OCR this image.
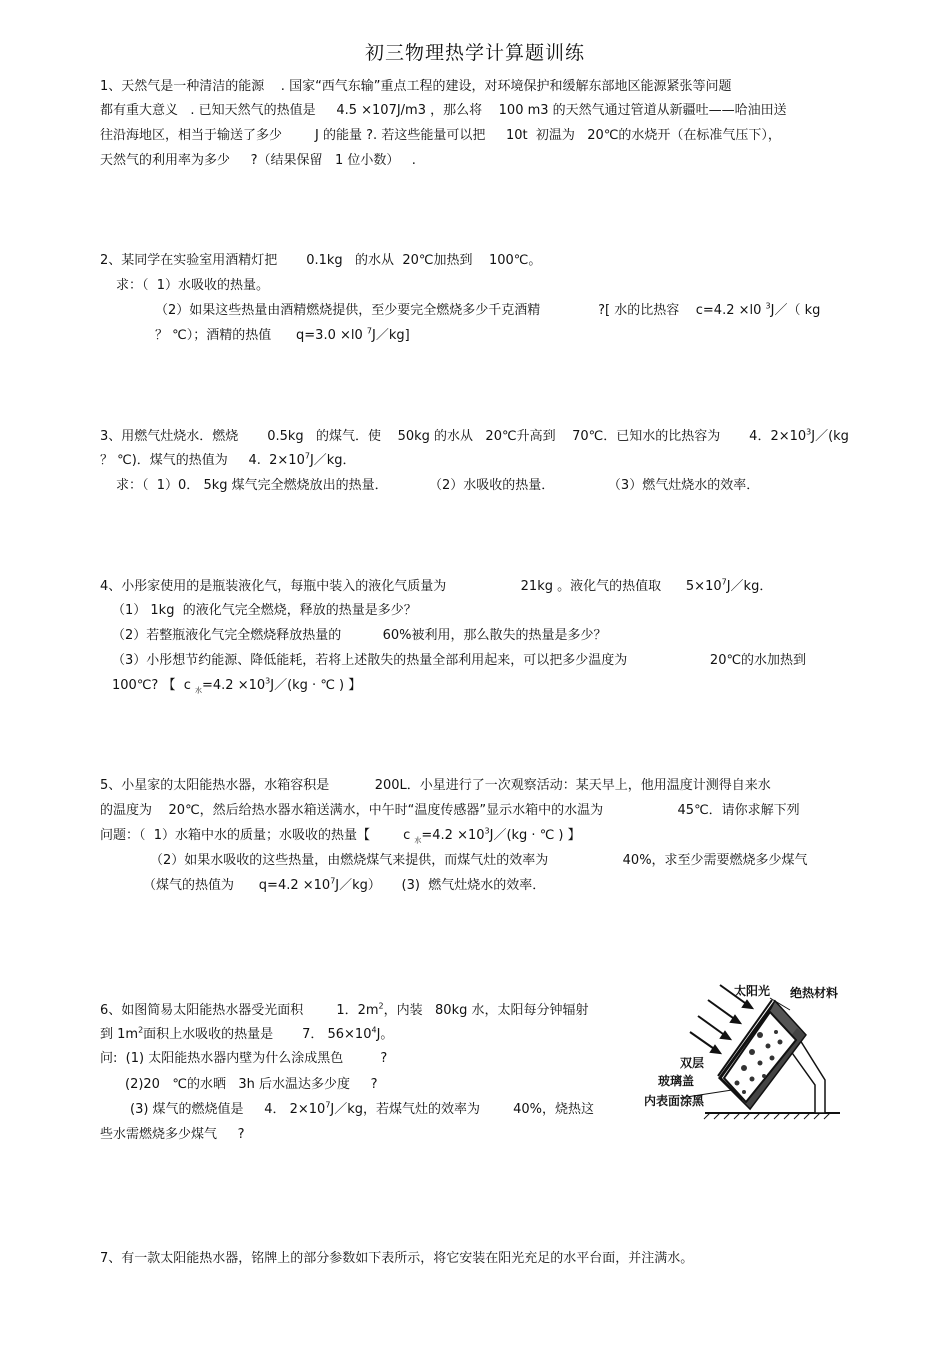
初三物理热学计算题训练
1、天然气是一种清洁的能源    . 国家“西气东输”重点工程的建设，对环境保护和缓解东部地区能源紧张等问题
都有重大意义   . 已知天然气的热值是     4.5 ×107J/m3 ，那么将    100 m3 的天然气通过管道从新疆吐——哈油田送
往沿海地区，相当于输送了多少        J 的能量 ?. 若这些能量可以把     10t  初温为   20℃的水烧开（在标准气压下），
天然气的利用率为多少     ?（结果保留   1 位小数）   .
2、某同学在实验室用酒精灯把       0.1kg   的水从  20℃加热到    100℃。
求：（  1）水吸收的热量。
（2）如果这些热量由酒精燃烧提供，至少要完全燃烧多少千克酒精              ?[ 水的比热容    c=4.2 ×l0 $^3$J／（ kg
？ ℃）；酒精的热值      q=3.0 ×l0 $^7$J／kg]
3、用燃气灶烧水．燃烧       0.5kg   的煤气．使    50kg 的水从   20℃升高到    70℃．已知水的比热容为       4．$2\times 10^3J/(kg$
？ ℃)．煤气的热值为     4.  $2\times 10^7J/kg$．
求：（  1）0． 5kg 煤气完全燃烧放出的热量．          （2）水吸收的热量．             （3）燃气灶烧水的效率．
4、小彤家使用的是瓶装液化气，每瓶中装入的液化气质量为                  21kg 。液化气的热值取      $5\times 10^7J/kg$．
（1） 1kg  的液化气完全燃烧，释放的热量是多少？
（2）若整瓶液化气完全燃烧释放热量的          60%被利用，那么散失的热量是多少？
（3）小彤想节约能源、降低能耗，若将上述散失的热量全部利用起来，可以把多少温度为                    20℃的水加热到
100℃? 【  c $_水=4.2 \times 10^3J/(kg$ · ℃ ) 】
5、小星家的太阳能热水器，水箱容积是           200L．小星进行了一次观察活动：某天早上，他用温度计测得自来水
的温度为    20℃，然后给热水器水箱送满水，中午时“温度传感器”显示水箱中的水温为                  45℃．请你求解下列
问题：（  1）水箱中水的质量；水吸收的热量【        c $_水=4.2 \times 10^3J/(kg$ · ℃ ) 】
（2）如果水吸收的这些热量，由燃烧煤气来提供，而煤气灶的效率为                  40%，求至少需要燃烧多少煤气
（煤气的热值为      $q=4.2 \times 10^7J/kg$）     (3)  燃气灶烧水的效率．
6、如图简易太阳能热水器受光面积        1．$2m^2$，内装   80kg 水，太阳每分钟辐射
到 $1m^2$面积上水吸收的热量是       7． $56\times 10^4J$。
问:  (1) 太阳能热水器内壁为什么涂成黑色         ?
(2)20   ℃的水晒   3h 后水温达多少度     ?
(3) 煤气的燃烧值是     4． $2\times 10^7J/kg$，若煤气灶的效率为        40%，烧热这
些水需燃烧多少煤气     ?
太阳光 绝热材料
双层
玻璃盖
内表面涂黑
7、有一款太阳能热水器，铭牌上的部分参数如下表所示，将它安装在阳光充足的水平台面，并注满水。
